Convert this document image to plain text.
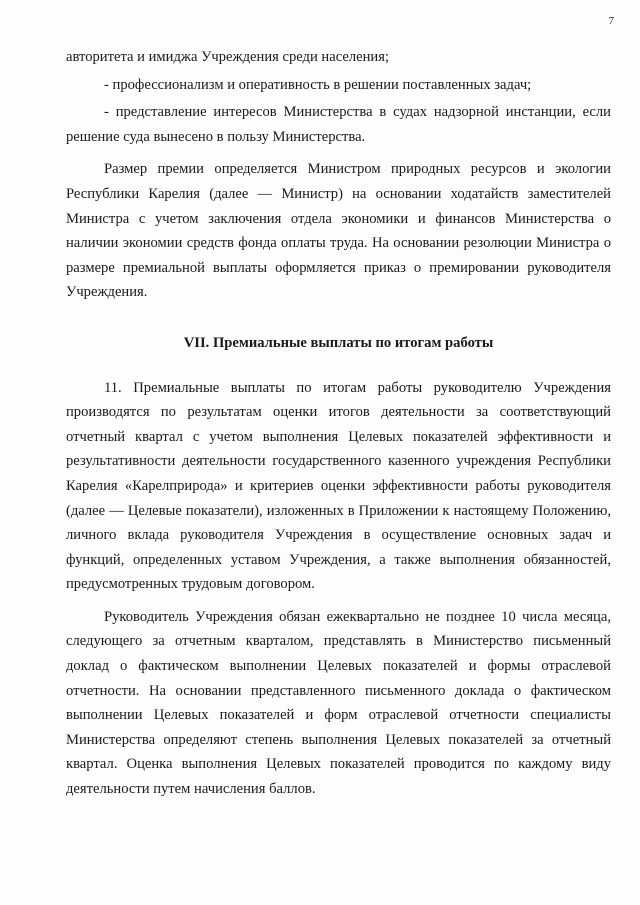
7

авторитета и имиджа Учреждения среди населения;

- профессионализм и оперативность в решении поставленных задач;

- представление интересов Министерства в судах надзорной инстанции, если решение суда вынесено в пользу Министерства.

Размер премии определяется Министром природных ресурсов и экологии Республики Карелия (далее — Министр) на основании ходатайств заместителей Министра с учетом заключения отдела экономики и финансов Министерства о наличии экономии средств фонда оплаты труда. На основании резолюции Министра о размере премиальной выплаты оформляется приказ о премировании руководителя Учреждения.

VII. Премиальные выплаты по итогам работы

11. Премиальные выплаты по итогам работы руководителю Учреждения производятся по результатам оценки итогов деятельности за соответствующий отчетный квартал с учетом выполнения Целевых показателей эффективности и результативности деятельности государственного казенного учреждения Республики Карелия «Карелприрода» и критериев оценки эффективности работы руководителя (далее — Целевые показатели), изложенных в Приложении к настоящему Положению, личного вклада руководителя Учреждения в осуществление основных задач и функций, определенных уставом Учреждения, а также выполнения обязанностей, предусмотренных трудовым договором.

Руководитель Учреждения обязан ежеквартально не позднее 10 числа месяца, следующего за отчетным кварталом, представлять в Министерство письменный доклад о фактическом выполнении Целевых показателей и формы отраслевой отчетности. На основании представленного письменного доклада о фактическом выполнении Целевых показателей и форм отраслевой отчетности специалисты Министерства определяют степень выполнения Целевых показателей за отчетный квартал. Оценка выполнения Целевых показателей проводится по каждому виду деятельности путем начисления баллов.
